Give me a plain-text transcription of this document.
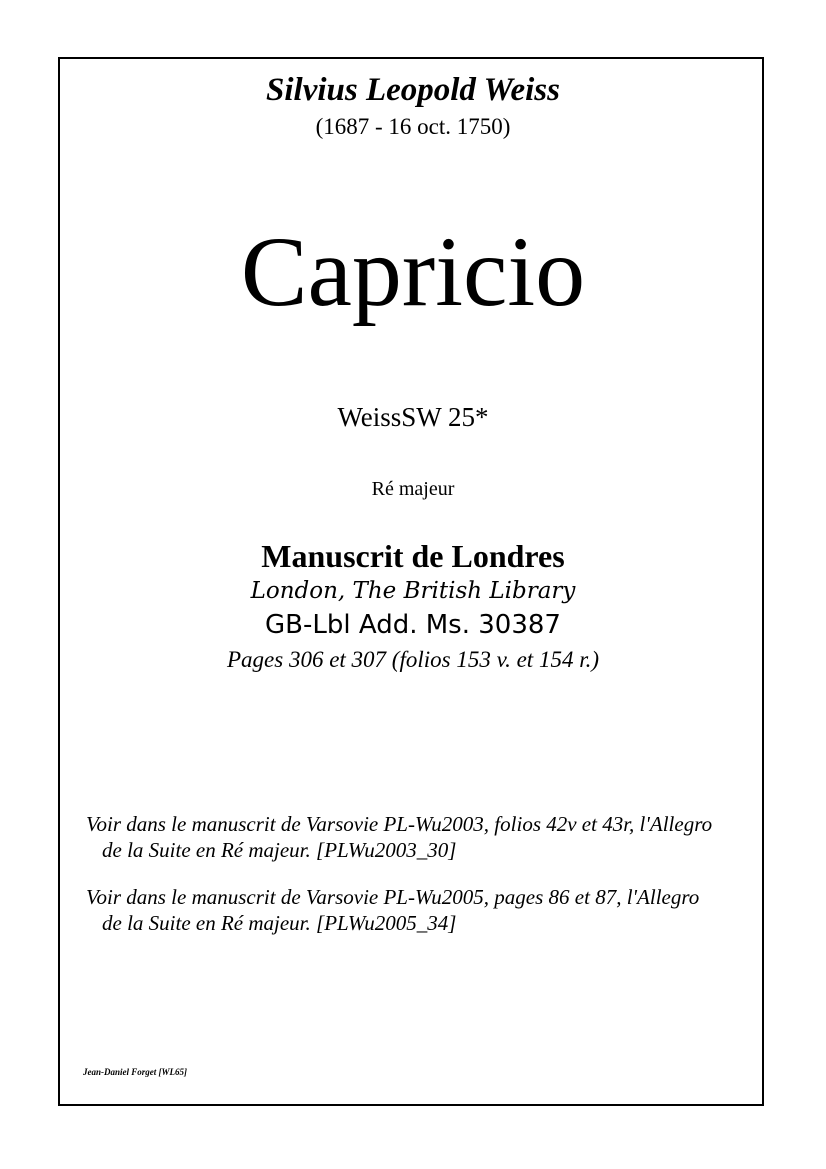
Silvius Leopold Weiss
(1687 - 16 oct. 1750)
Capricio
WeissSW 25*
Ré majeur
Manuscrit de Londres
London, The British Library
GB-Lbl Add. Ms. 30387
Pages 306 et 307 (folios 153 v. et 154 r.)
Voir dans le manuscrit de Varsovie PL-Wu2003, folios 42v et 43r, l'Allegro
de la Suite en Ré majeur. [PLWu2003_30]
Voir dans le manuscrit de Varsovie PL-Wu2005, pages 86 et 87, l'Allegro
de la Suite en Ré majeur. [PLWu2005_34]
Jean-Daniel Forget [WL65]
